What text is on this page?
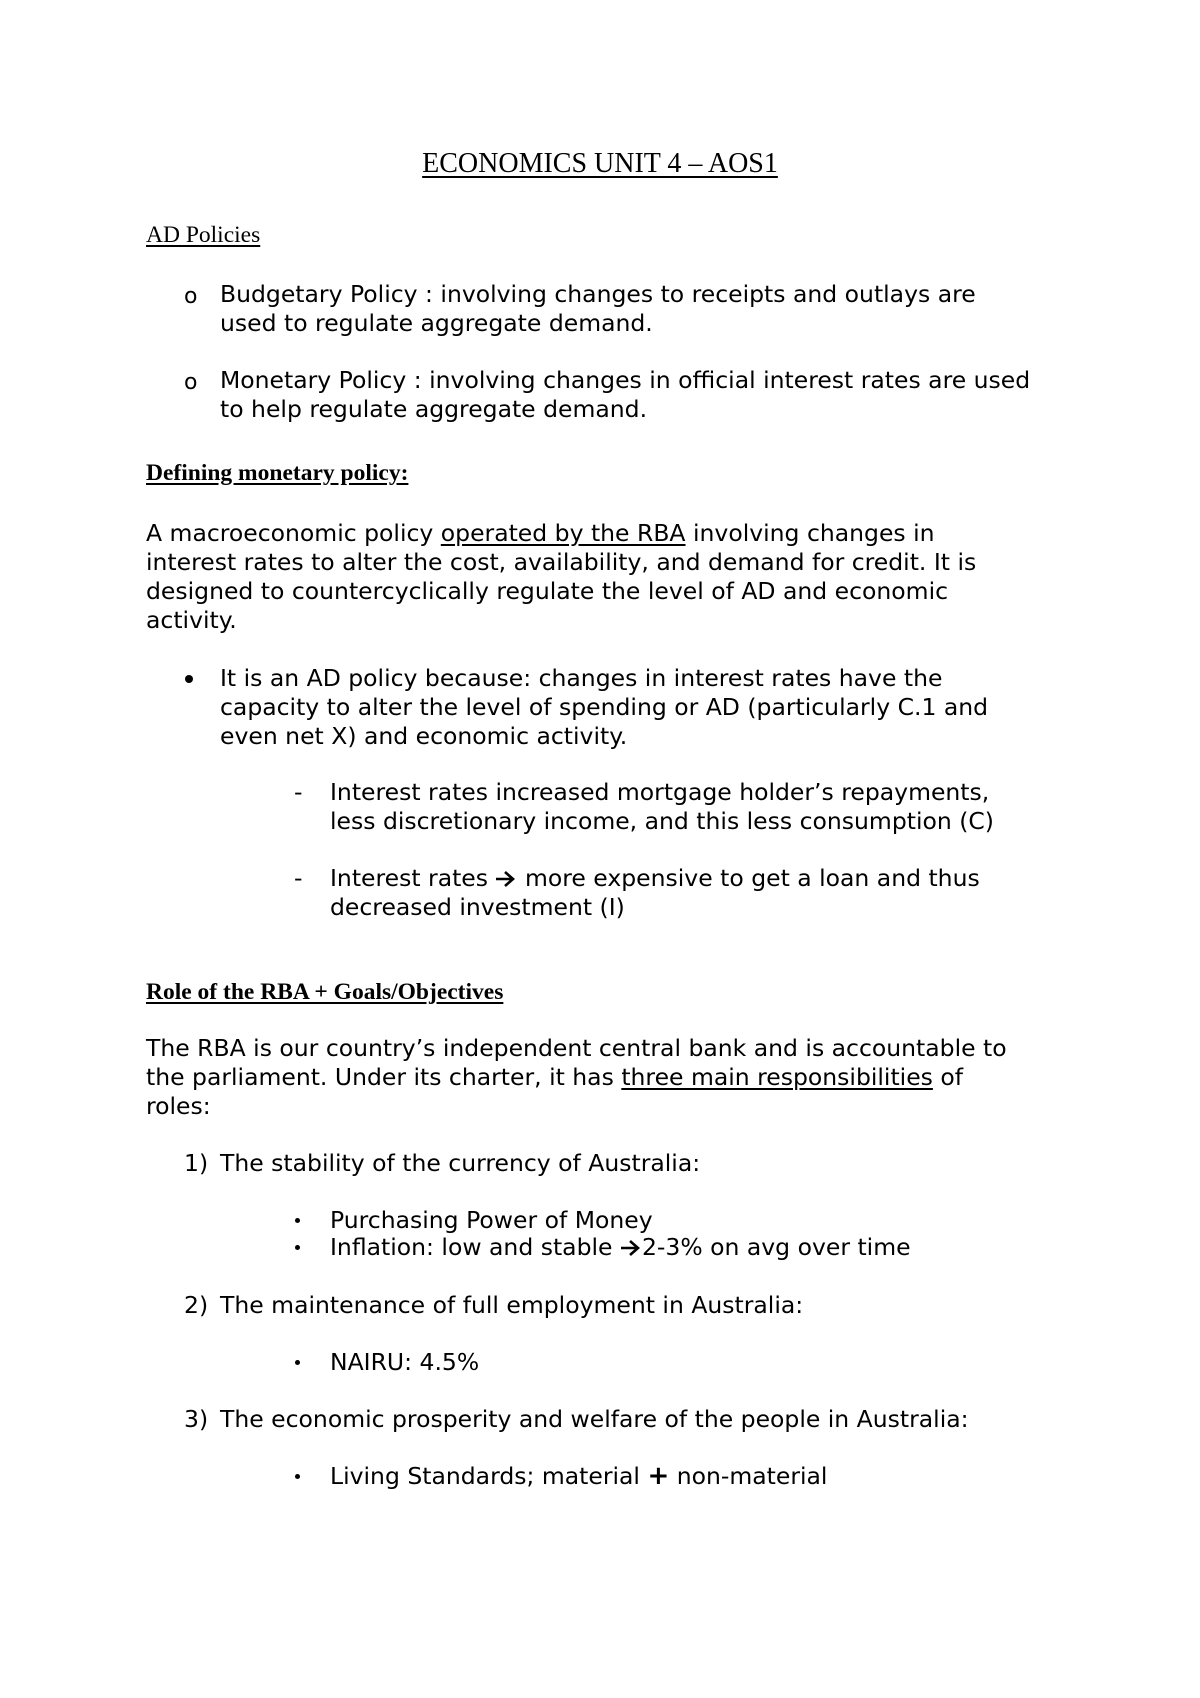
ECONOMICS UNIT 4 – AOS1

AD Policies

o Budgetary Policy : involving changes to receipts and outlays are

used to regulate aggregate demand.

o Monetary Policy : involving changes in official interest rates are used

to help regulate aggregate demand.

Defining monetary policy:

A macroeconomic policy operated by the RBA involving changes in

interest rates to alter the cost, availability, and demand for credit. It is

designed to countercyclically regulate the level of AD and economic

activity.

It is an AD policy because: changes in interest rates have the

capacity to alter the level of spending or AD (particularly C.1 and

even net X) and economic activity.

- Interest rates increased mortgage holder’s repayments,

less discretionary income, and this less consumption (C)

- Interest rates  more expensive to get a loan and thus

decreased investment (I)

Role of the RBA + Goals/Objectives

The RBA is our country’s independent central bank and is accountable to

the parliament. Under its charter, it has three main responsibilities of

roles:

1) The stability of the currency of Australia:

Purchasing Power of Money

Inflation: low and stable 2-3% on avg over time

2) The maintenance of full employment in Australia:

NAIRU: 4.5%

3) The economic prosperity and welfare of the people in Australia:

Living Standards; material + non-material
